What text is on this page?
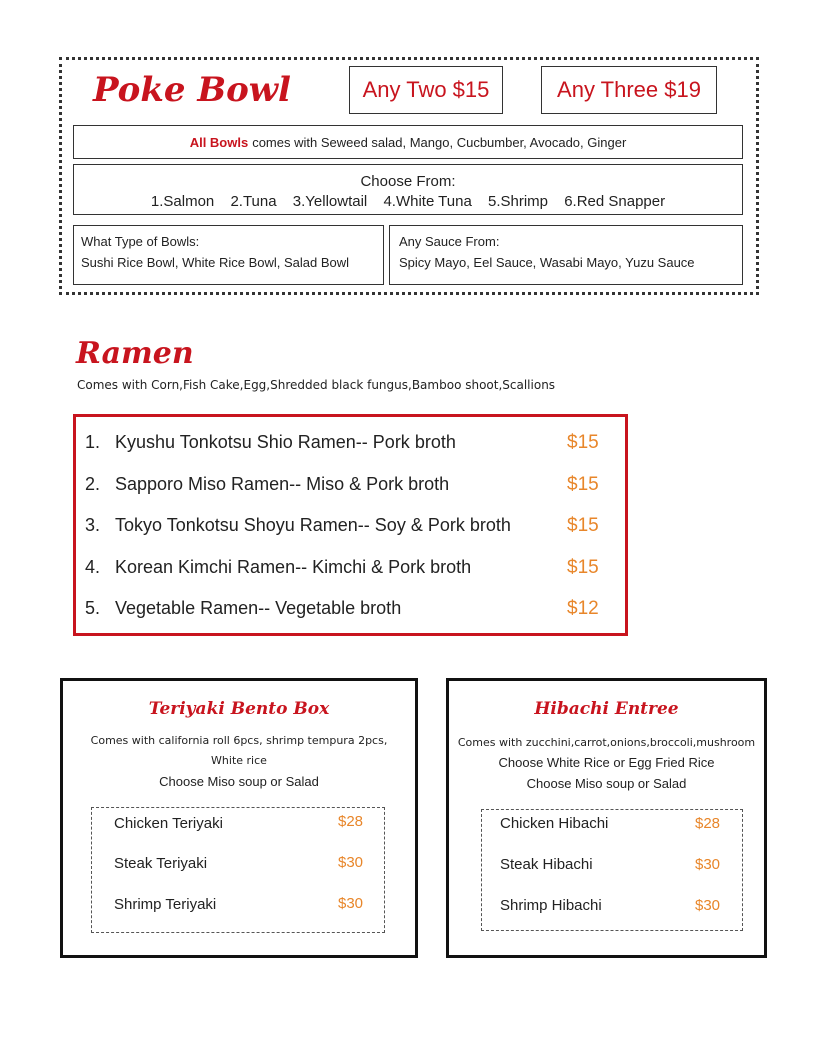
Poke Bowl	Any Two $15	Any Three $19
All Bowls comes with Seweed salad, Mango, Cucbumber, Avocado, Ginger
Choose From:
1.Salmon 2.Tuna 3.Yellowtail 4.White Tuna 5.Shrimp 6.Red Snapper
What Type of Bowls:
Sushi Rice Bowl, White Rice Bowl, Salad Bowl
Any Sauce From:
Spicy Mayo, Eel Sauce, Wasabi Mayo, Yuzu Sauce
Ramen
Comes with Corn,Fish Cake,Egg,Shredded black fungus,Bamboo shoot,Scallions
1. Kyushu Tonkotsu Shio Ramen-- Pork broth	$15
2. Sapporo Miso Ramen-- Miso & Pork broth	$15
3. Tokyo Tonkotsu Shoyu Ramen-- Soy & Pork broth	$15
4. Korean Kimchi Ramen-- Kimchi & Pork broth	$15
5. Vegetable Ramen-- Vegetable broth	$12
Teriyaki Bento Box
Comes with california roll 6pcs, shrimp tempura 2pcs,
White rice
Choose Miso soup or Salad
Chicken Teriyaki	$28
Steak Teriyaki	$30
Shrimp Teriyaki	$30
Hibachi Entree
Comes with zucchini,carrot,onions,broccoli,mushroom
Choose White Rice or Egg Fried Rice
Choose Miso soup or Salad
Chicken Hibachi	$28
Steak Hibachi	$30
Shrimp Hibachi	$30
